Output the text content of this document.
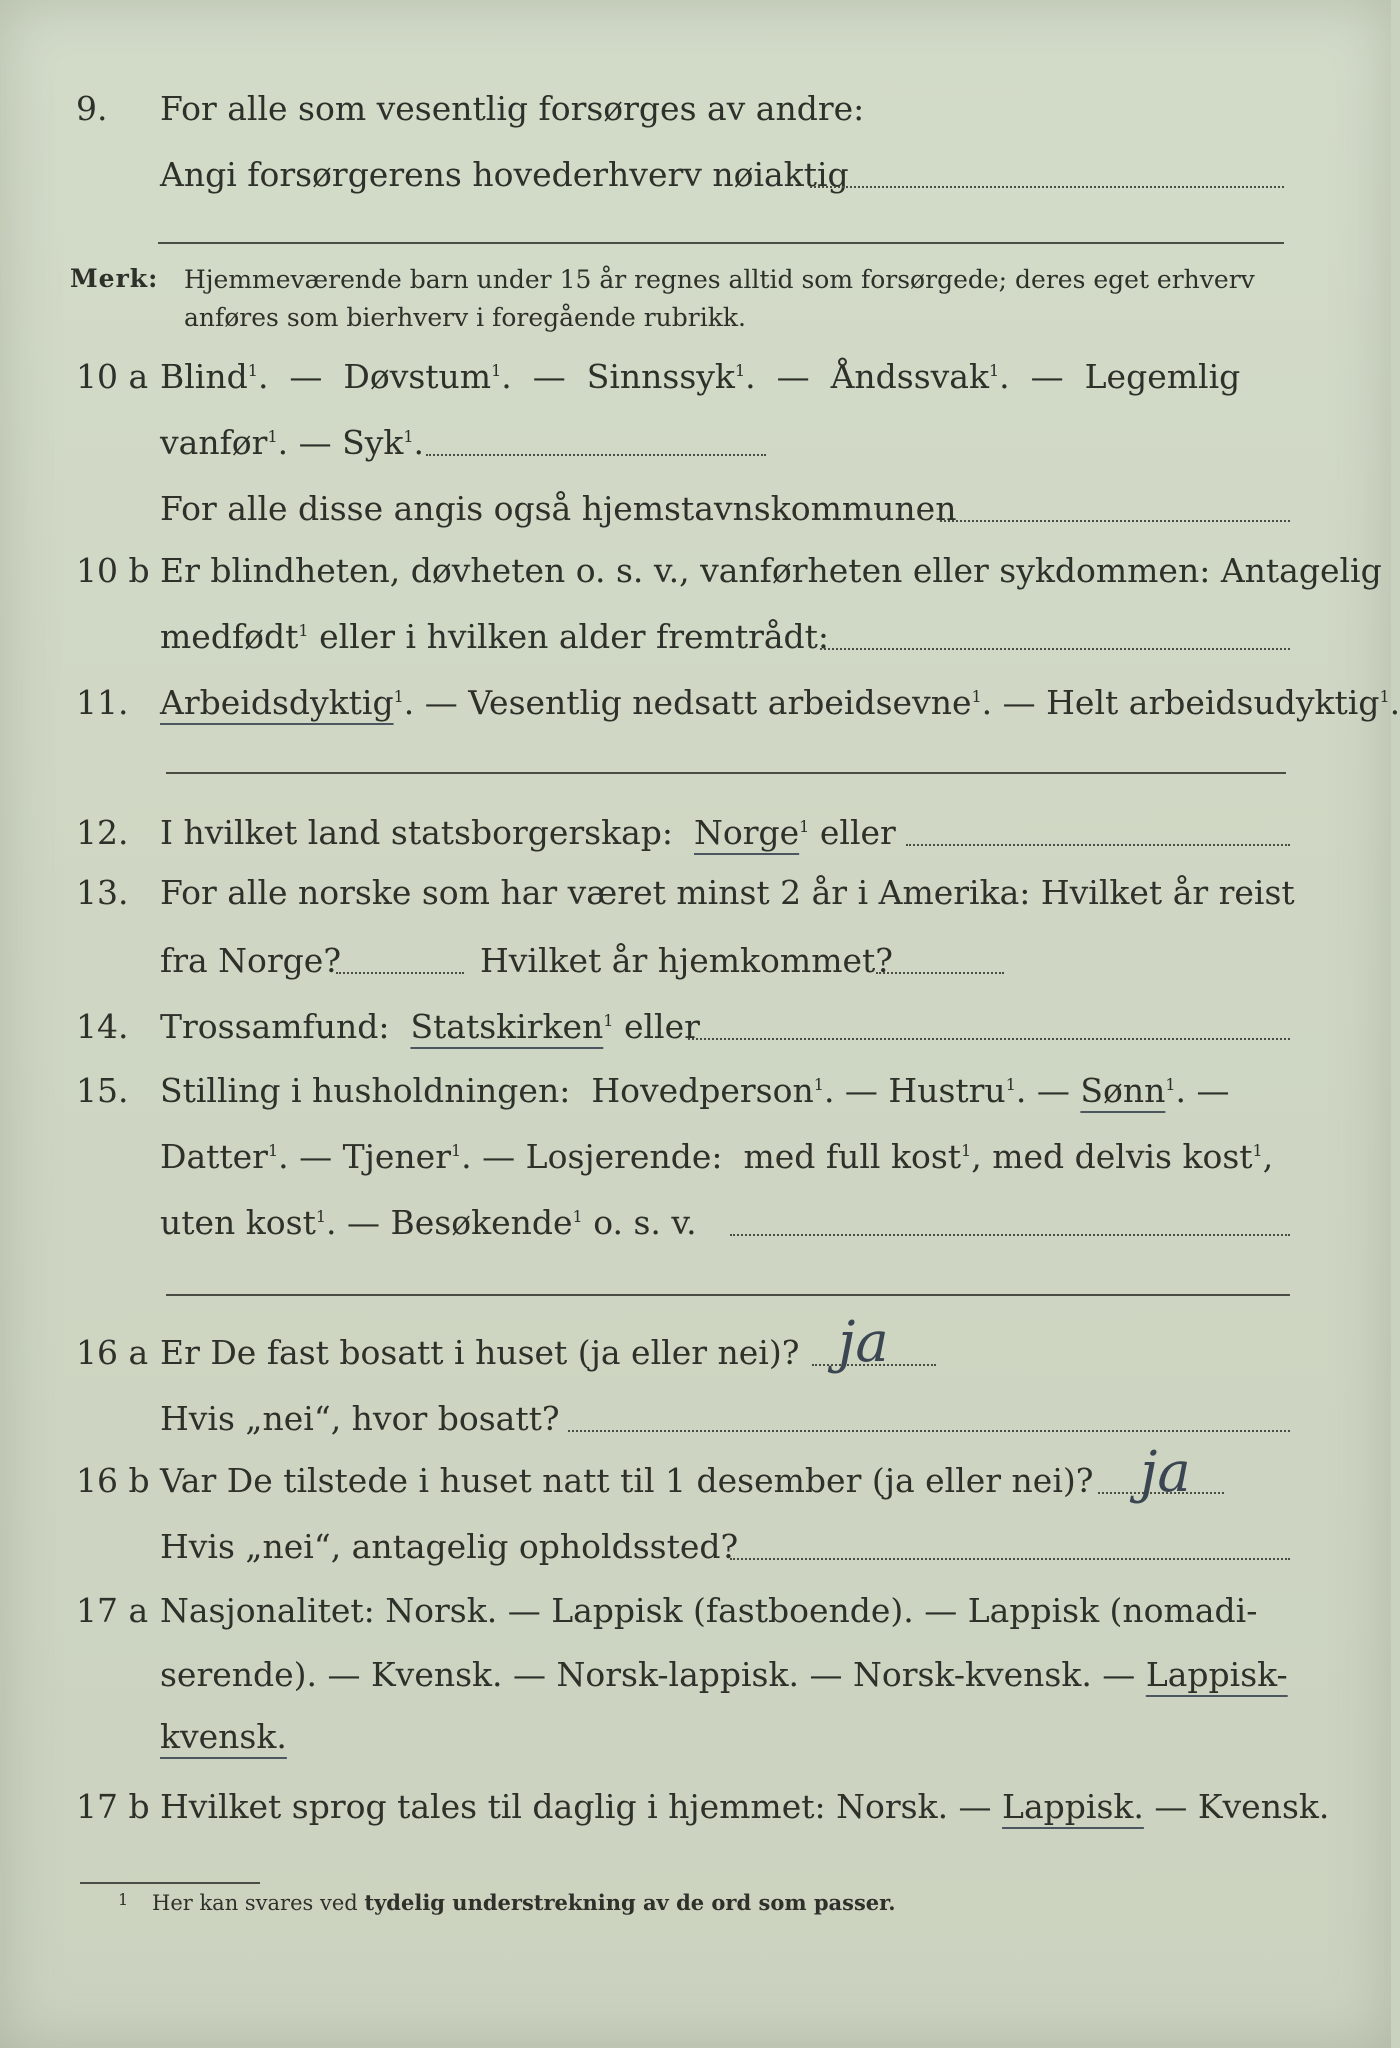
9. For alle som vesentlig forsørges av andre:
Angi forsørgerens hovederhverv nøiaktig
Merk: Hjemmeværende barn under 15 år regnes alltid som forsørgede; deres eget erhverv
anføres som bierhverv i foregående rubrikk.
10 a Blind$^1$.  —  Døvstum$^1$.  —  Sinnssyk$^1$.  —  Åndssvak$^1$.  —  Legemlig
vanfør$^1$. — Syk$^1$.
For alle disse angis også hjemstavnskommunen
10 b Er blindheten, døvheten o. s. v., vanførheten eller sykdommen: Antagelig
medfødt$^1$ eller i hvilken alder fremtrådt:
11. Arbeidsdyktig$^1$. — Vesentlig nedsatt arbeidsevne$^1$. — Helt arbeidsudyktig$^1$.
12. I hvilket land statsborgerskap: Norge$^1$ eller
13. For alle norske som har været minst 2 år i Amerika: Hvilket år reist
fra Norge?	Hvilket år hjemkommet?
14. Trossamfund: Statskirken$^1$ eller
15. Stilling i husholdningen: Hovedperson$^1$. — Hustru$^1$. — Sønn$^1$. —
Datter$^1$. — Tjener$^1$. — Losjerende: med full kost$^1$, med delvis kost$^1$,
uten kost$^1$. — Besøkende$^1$ o. s. v.
16 a Er De fast bosatt i huset (ja eller nei)? ja
Hvis „nei“, hvor bosatt?
16 b Var De tilstede i huset natt til 1 desember (ja eller nei)? ja
Hvis „nei“, antagelig opholdssted?
17 a Nasjonalitet: Norsk. — Lappisk (fastboende). — Lappisk (nomadi-
serende). — Kvensk. — Norsk-lappisk. — Norsk-kvensk. — Lappisk-
kvensk.
17 b Hvilket sprog tales til daglig i hjemmet: Norsk. — Lappisk. — Kvensk.
1 Her kan svares ved tydelig understrekning av de ord som passer.
